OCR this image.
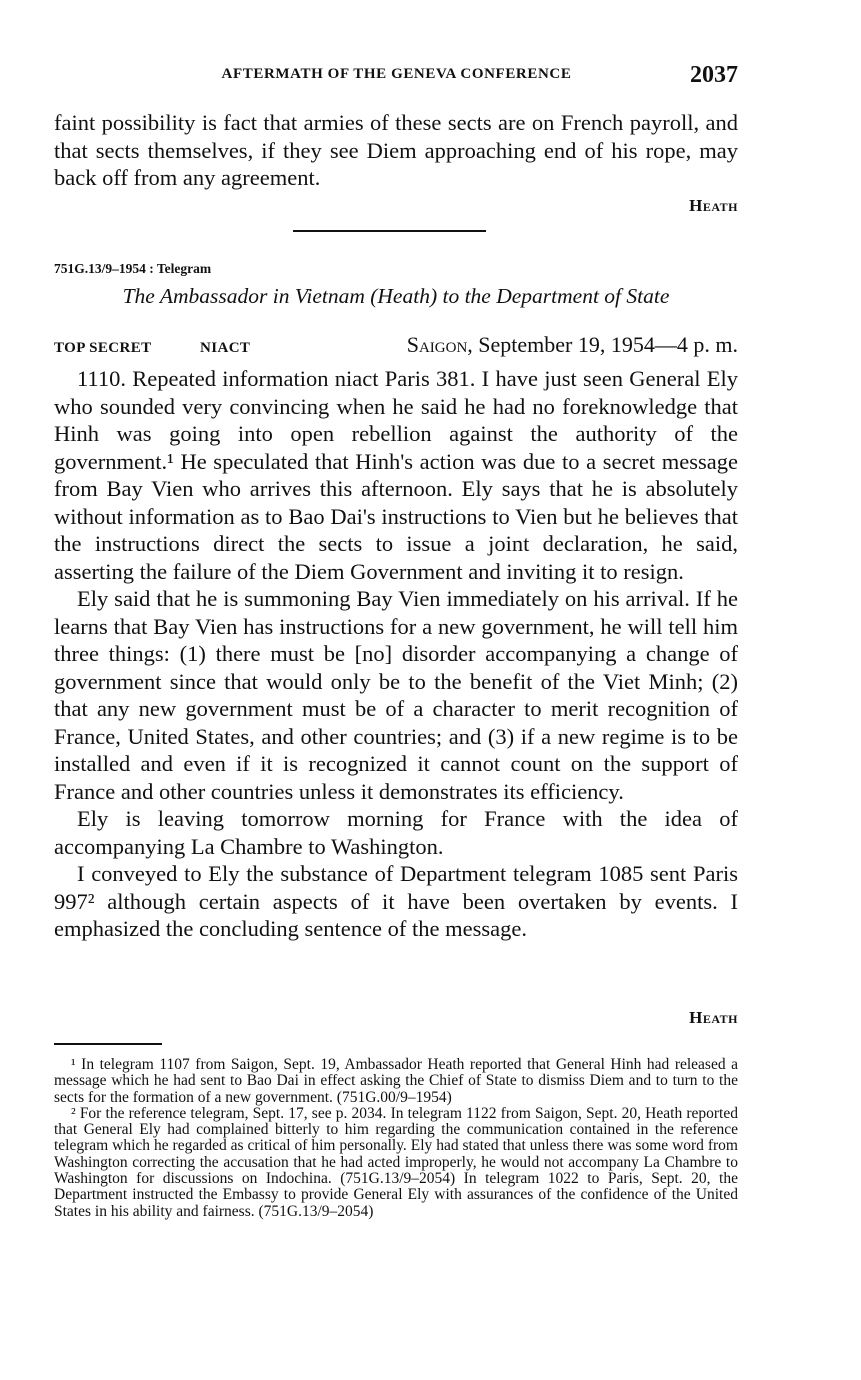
AFTERMATH OF THE GENEVA CONFERENCE	2037

faint possibility is fact that armies of these sects are on French payroll, and that sects themselves, if they see Diem approaching end of his rope, may back off from any agreement.

Heath
751G.13/9–1954 : Telegram
The Ambassador in Vietnam (Heath) to the Department of State
TOP SECRET	NIACT	Saigon, September 19, 1954—4 p. m.

1110. Repeated information niact Paris 381. I have just seen General Ely who sounded very convincing when he said he had no foreknowledge that Hinh was going into open rebellion against the authority of the government.¹ He speculated that Hinh's action was due to a secret message from Bay Vien who arrives this afternoon. Ely says that he is absolutely without information as to Bao Dai's instructions to Vien but he believes that the instructions direct the sects to issue a joint declaration, he said, asserting the failure of the Diem Government and inviting it to resign.

Ely said that he is summoning Bay Vien immediately on his arrival. If he learns that Bay Vien has instructions for a new government, he will tell him three things: (1) there must be [no] disorder accompanying a change of government since that would only be to the benefit of the Viet Minh; (2) that any new government must be of a character to merit recognition of France, United States, and other countries; and (3) if a new regime is to be installed and even if it is recognized it cannot count on the support of France and other countries unless it demonstrates its efficiency.

Ely is leaving tomorrow morning for France with the idea of accompanying La Chambre to Washington.

I conveyed to Ely the substance of Department telegram 1085 sent Paris 997² although certain aspects of it have been overtaken by events. I emphasized the concluding sentence of the message.

Heath

¹ In telegram 1107 from Saigon, Sept. 19, Ambassador Heath reported that General Hinh had released a message which he had sent to Bao Dai in effect asking the Chief of State to dismiss Diem and to turn to the sects for the formation of a new government. (751G.00/9–1954)

² For the reference telegram, Sept. 17, see p. 2034. In telegram 1122 from Saigon, Sept. 20, Heath reported that General Ely had complained bitterly to him regarding the communication contained in the reference telegram which he regarded as critical of him personally. Ely had stated that unless there was some word from Washington correcting the accusation that he had acted improperly, he would not accompany La Chambre to Washington for discussions on Indochina. (751G.13/9–2054) In telegram 1022 to Paris, Sept. 20, the Department instructed the Embassy to provide General Ely with assurances of the confidence of the United States in his ability and fairness. (751G.13/9–2054)
